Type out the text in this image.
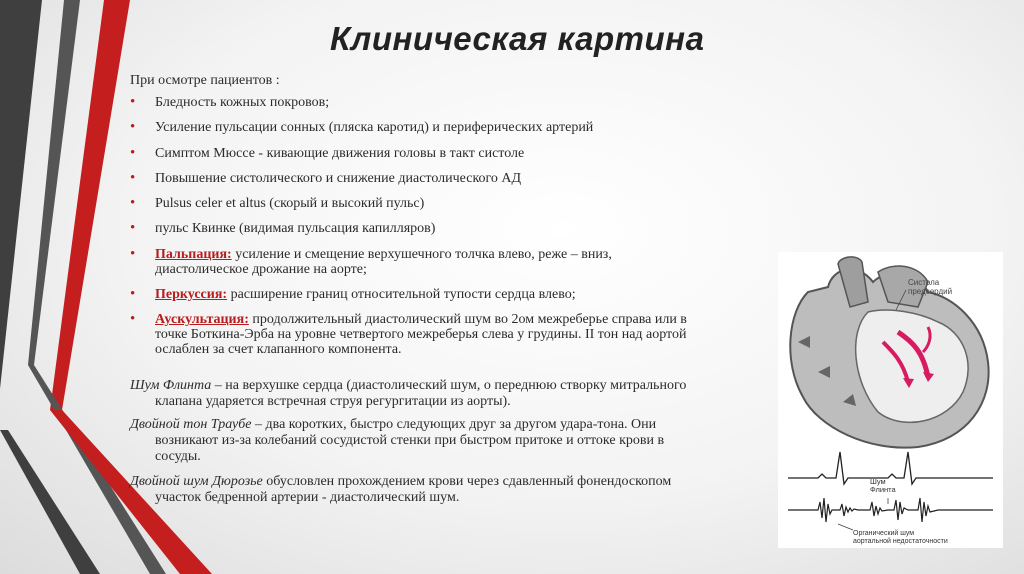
Клиническая картина
При осмотре пациентов :
• Бледность кожных покровов;
• Усиление пульсации сонных (пляска каротид) и периферических артерий
• Симптом Мюссе - кивающие движения головы в такт систоле
• Повышение систолического и снижение диастолического АД
• Pulsus celer et altus (скорый и высокий пульс)
• пульс Квинке (видимая пульсация капилляров)
• Пальпация: усиление и смещение верхушечного толчка влево, реже – вниз,
диастолическое дрожание на аорте;
• Перкуссия: расширение границ относительной тупости сердца влево;
• Аускультация: продолжительный диастолический шум во 2ом межреберье справа или в
точке Боткина-Эрба на уровне четвертого межреберья слева у грудины. II тон над аортой
ослаблен за счет клапанного компонента.
Шум Флинта – на верхушке сердца (диастолический шум, о переднюю створку митрального

клапана ударяется встречная струя регургитации из аорты).
Двойной тон Траубе – два коротких, быстро следующих друг за другом удара-тона. Они

возникают из-за колебаний сосудистой стенки при быстром притоке и оттоке крови в
сосуды.
Двойной шум Дюрозье обусловлен прохождением крови через сдавленный фонендоскопом

участок бедренной артерии - диастолический шум.
Систола предсердий
Шум Флинта
Органический шум аортальной недостаточности
